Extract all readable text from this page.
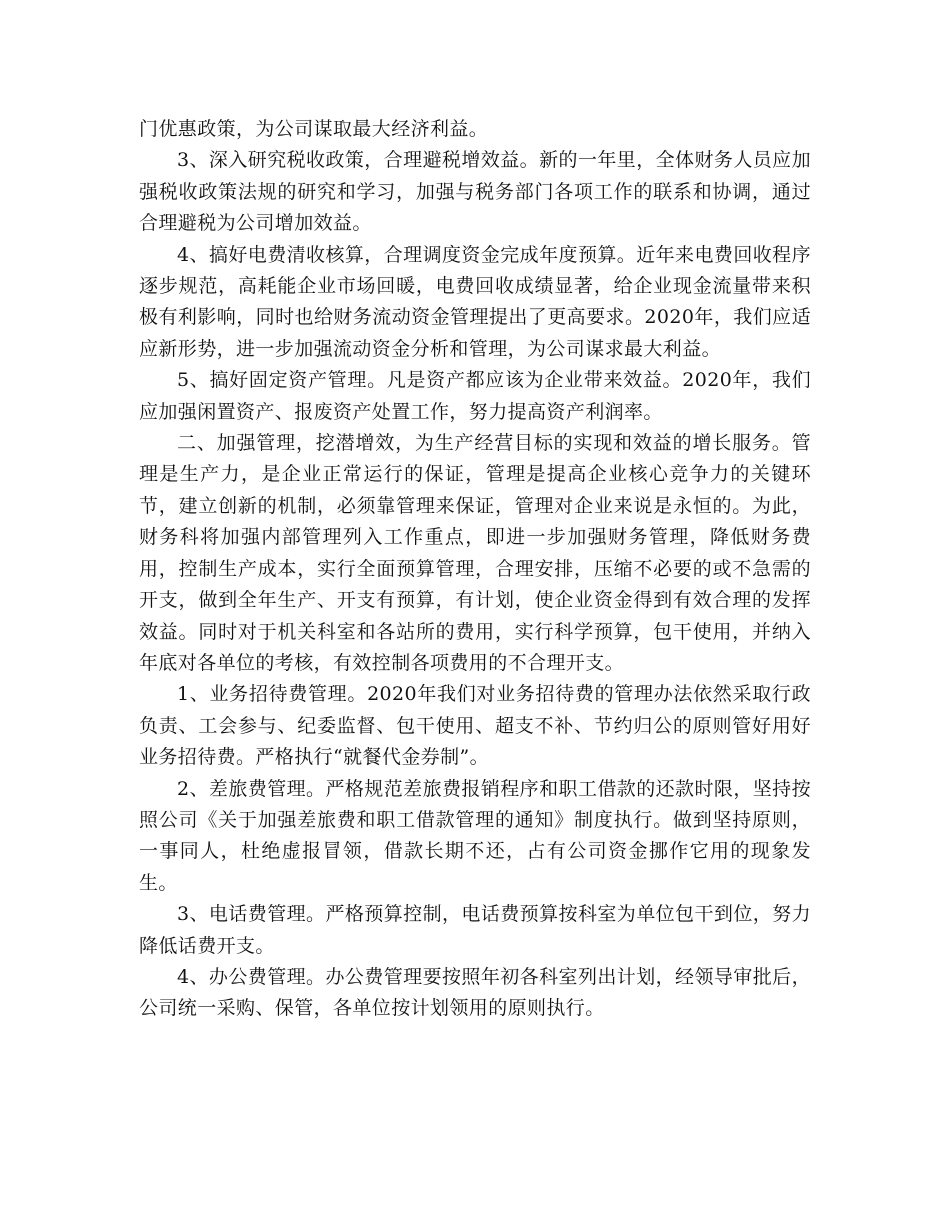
门优惠政策，为公司谋取最大经济利益。

3、深入研究税收政策，合理避税增效益。新的一年里，全体财务人员应加强税收政策法规的研究和学习，加强与税务部门各项工作的联系和协调，通过合理避税为公司增加效益。

4、搞好电费清收核算，合理调度资金完成年度预算。近年来电费回收程序逐步规范，高耗能企业市场回暖，电费回收成绩显著，给企业现金流量带来积极有利影响，同时也给财务流动资金管理提出了更高要求。2020年，我们应适应新形势，进一步加强流动资金分析和管理，为公司谋求最大利益。

5、搞好固定资产管理。凡是资产都应该为企业带来效益。2020年，我们应加强闲置资产、报废资产处置工作，努力提高资产利润率。

二、加强管理，挖潜增效，为生产经营目标的实现和效益的增长服务。管理是生产力，是企业正常运行的保证，管理是提高企业核心竞争力的关键环节，建立创新的机制，必须靠管理来保证，管理对企业来说是永恒的。为此，财务科将加强内部管理列入工作重点，即进一步加强财务管理，降低财务费用，控制生产成本，实行全面预算管理，合理安排，压缩不必要的或不急需的开支，做到全年生产、开支有预算，有计划，使企业资金得到有效合理的发挥效益。同时对于机关科室和各站所的费用，实行科学预算，包干使用，并纳入年底对各单位的考核，有效控制各项费用的不合理开支。

1、业务招待费管理。2020年我们对业务招待费的管理办法依然采取行政负责、工会参与、纪委监督、包干使用、超支不补、节约归公的原则管好用好业务招待费。严格执行“就餐代金券制”。

2、差旅费管理。严格规范差旅费报销程序和职工借款的还款时限，坚持按照公司《关于加强差旅费和职工借款管理的通知》制度执行。做到坚持原则，一事同人，杜绝虚报冒领，借款长期不还，占有公司资金挪作它用的现象发生。

3、电话费管理。严格预算控制，电话费预算按科室为单位包干到位，努力降低话费开支。

4、办公费管理。办公费管理要按照年初各科室列出计划，经领导审批后，公司统一采购、保管，各单位按计划领用的原则执行。
